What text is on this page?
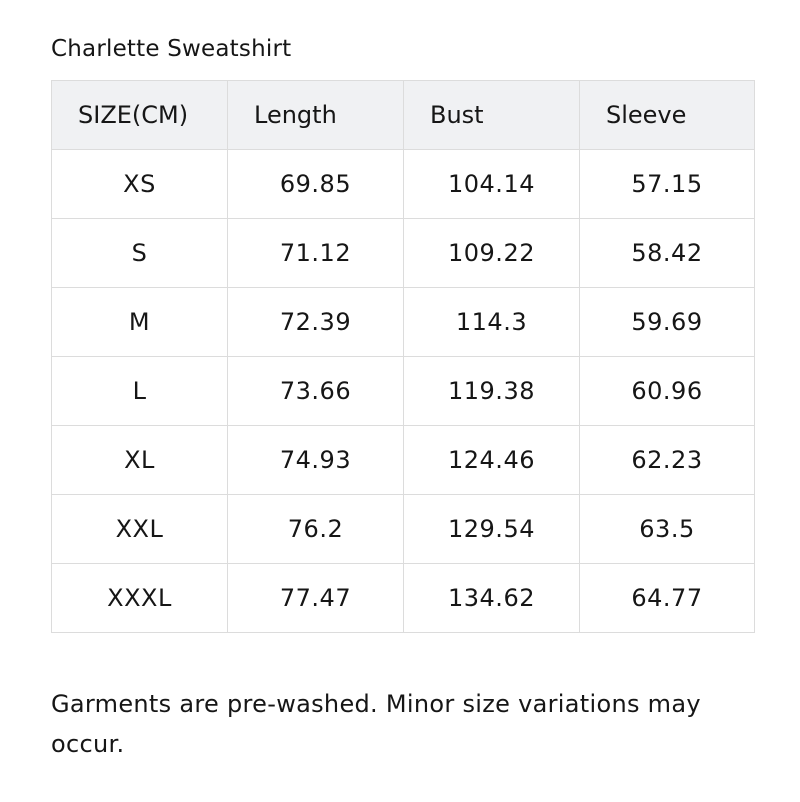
Charlette Sweatshirt
SIZE(CM)	Length	Bust	Sleeve
XS	69.85	104.14	57.15
S	71.12	109.22	58.42
M	72.39	114.3	59.69
L	73.66	119.38	60.96
XL	74.93	124.46	62.23
XXL	76.2	129.54	63.5
XXXL	77.47	134.62	64.77

Garments are pre-washed. Minor size variations may occur.
